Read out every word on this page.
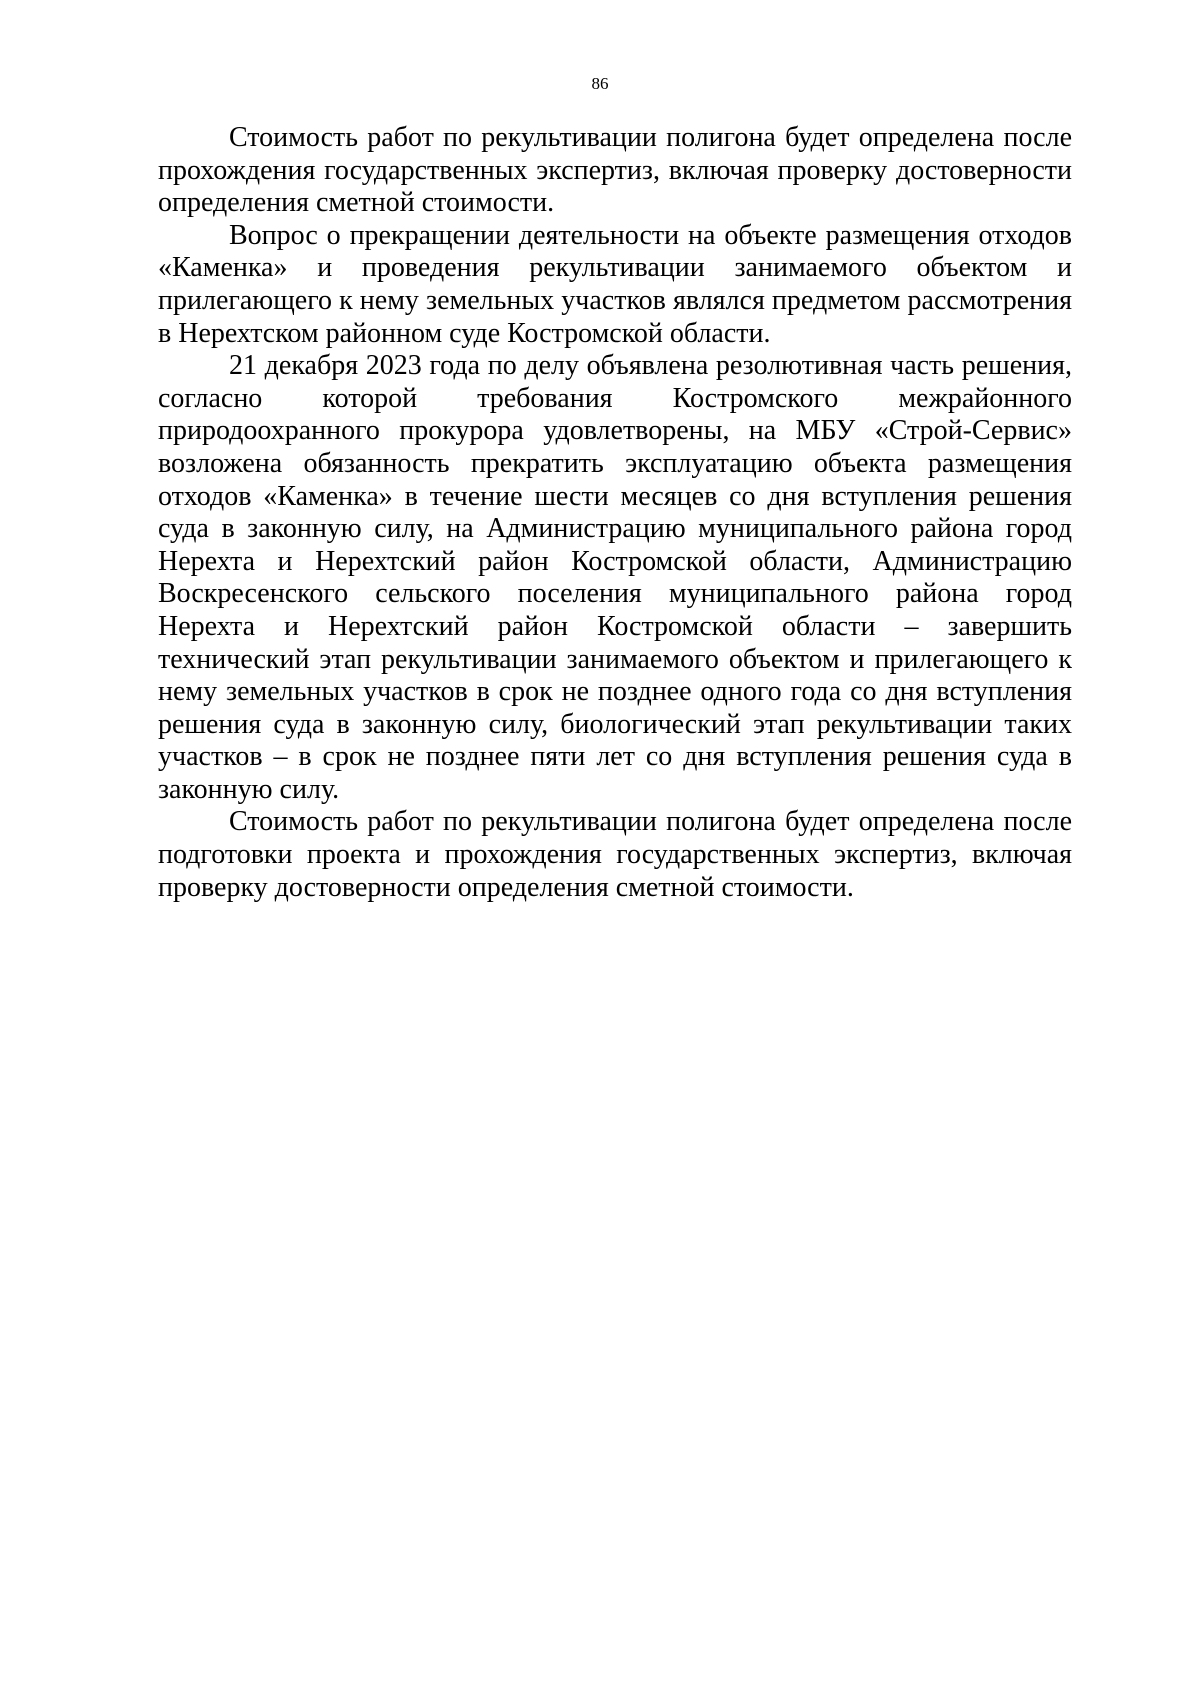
86

Стоимость работ по рекультивации полигона будет определена после прохождения государственных экспертиз, включая проверку достоверности определения сметной стоимости.

Вопрос о прекращении деятельности на объекте размещения отходов «Каменка» и проведения рекультивации занимаемого объектом и прилегающего к нему земельных участков являлся предметом рассмотрения в Нерехтском районном суде Костромской области.

21 декабря 2023 года по делу объявлена резолютивная часть решения, согласно которой требования Костромского межрайонного природоохранного прокурора удовлетворены, на МБУ «Строй-Сервис» возложена обязанность прекратить эксплуатацию объекта размещения отходов «Каменка» в течение шести месяцев со дня вступления решения суда в законную силу, на Администрацию муниципального района город Нерехта и Нерехтский район Костромской области, Администрацию Воскресенского сельского поселения муниципального района город Нерехта и Нерехтский район Костромской области – завершить технический этап рекультивации занимаемого объектом и прилегающего к нему земельных участков в срок не позднее одного года со дня вступления решения суда в законную силу, биологический этап рекультивации таких участков – в срок не позднее пяти лет со дня вступления решения суда в законную силу.

Стоимость работ по рекультивации полигона будет определена после подготовки проекта и прохождения государственных экспертиз, включая проверку достоверности определения сметной стоимости.
